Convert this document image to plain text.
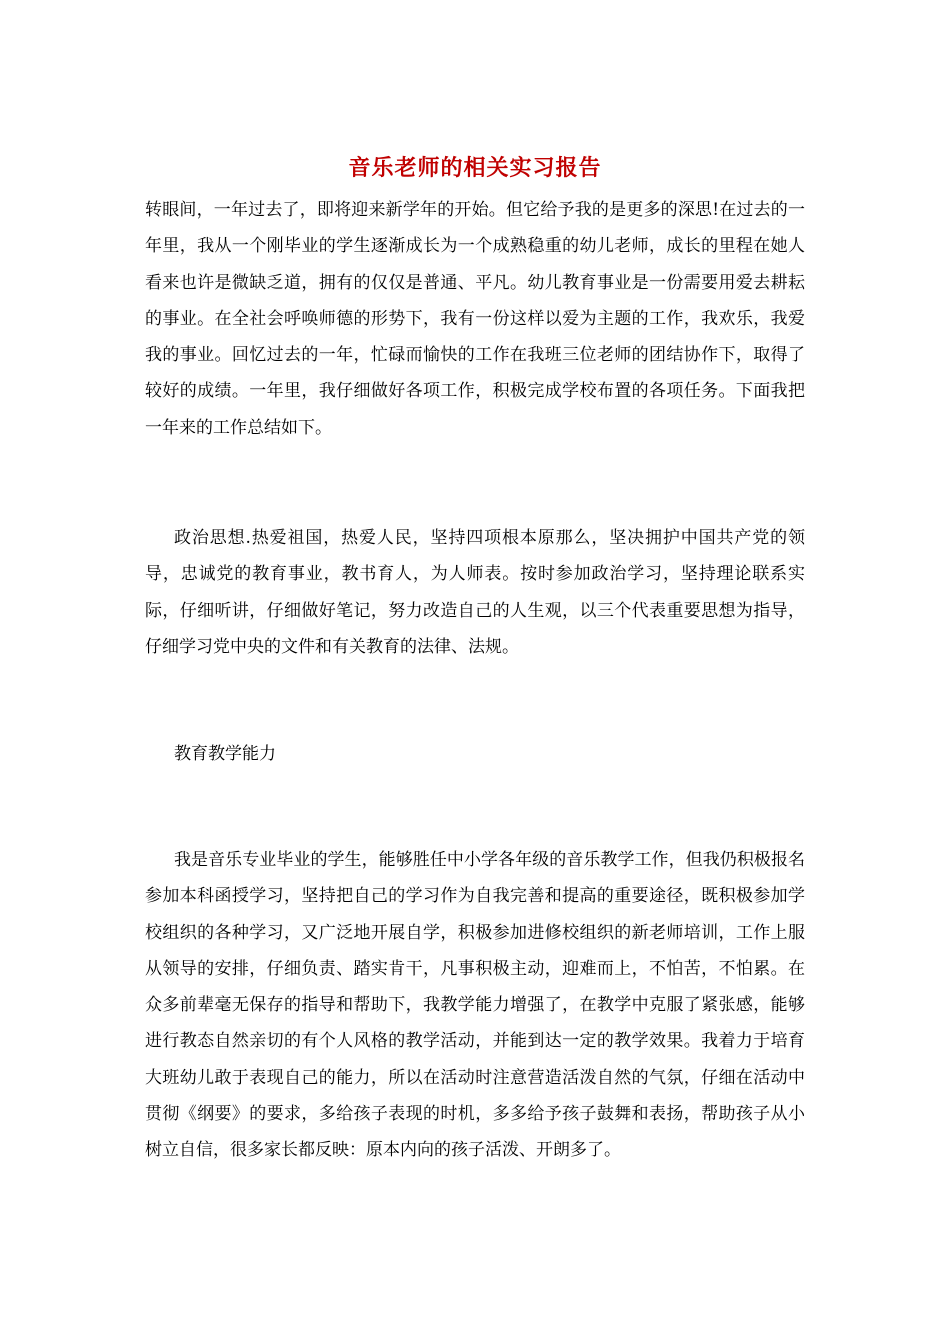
音乐老师的相关实习报告

转眼间，一年过去了，即将迎来新学年的开始。但它给予我的是更多的深思!在过去的一年里，我从一个刚毕业的学生逐渐成长为一个成熟稳重的幼儿老师，成长的里程在她人看来也许是微缺乏道，拥有的仅仅是普通、平凡。幼儿教育事业是一份需要用爱去耕耘的事业。在全社会呼唤师德的形势下，我有一份这样以爱为主题的工作，我欢乐，我爱我的事业。回忆过去的一年，忙碌而愉快的工作在我班三位老师的团结协作下，取得了较好的成绩。一年里，我仔细做好各项工作，积极完成学校布置的各项任务。下面我把一年来的工作总结如下。

政治思想.热爱祖国，热爱人民，坚持四项根本原那么，坚决拥护中国共产党的领导，忠诚党的教育事业，教书育人，为人师表。按时参加政治学习，坚持理论联系实际，仔细听讲，仔细做好笔记，努力改造自己的人生观，以三个代表重要思想为指导，仔细学习党中央的文件和有关教育的法律、法规。

教育教学能力

我是音乐专业毕业的学生，能够胜任中小学各年级的音乐教学工作，但我仍积极报名参加本科函授学习，坚持把自己的学习作为自我完善和提高的重要途径，既积极参加学校组织的各种学习，又广泛地开展自学，积极参加进修校组织的新老师培训，工作上服从领导的安排，仔细负责、踏实肯干，凡事积极主动，迎难而上，不怕苦，不怕累。在众多前辈毫无保存的指导和帮助下，我教学能力增强了，在教学中克服了紧张感，能够进行教态自然亲切的有个人风格的教学活动，并能到达一定的教学效果。我着力于培育大班幼儿敢于表现自己的能力，所以在活动时注意营造活泼自然的气氛，仔细在活动中贯彻《纲要》的要求，多给孩子表现的时机，多多给予孩子鼓舞和表扬，帮助孩子从小树立自信，很多家长都反映：原本内向的孩子活泼、开朗多了。
